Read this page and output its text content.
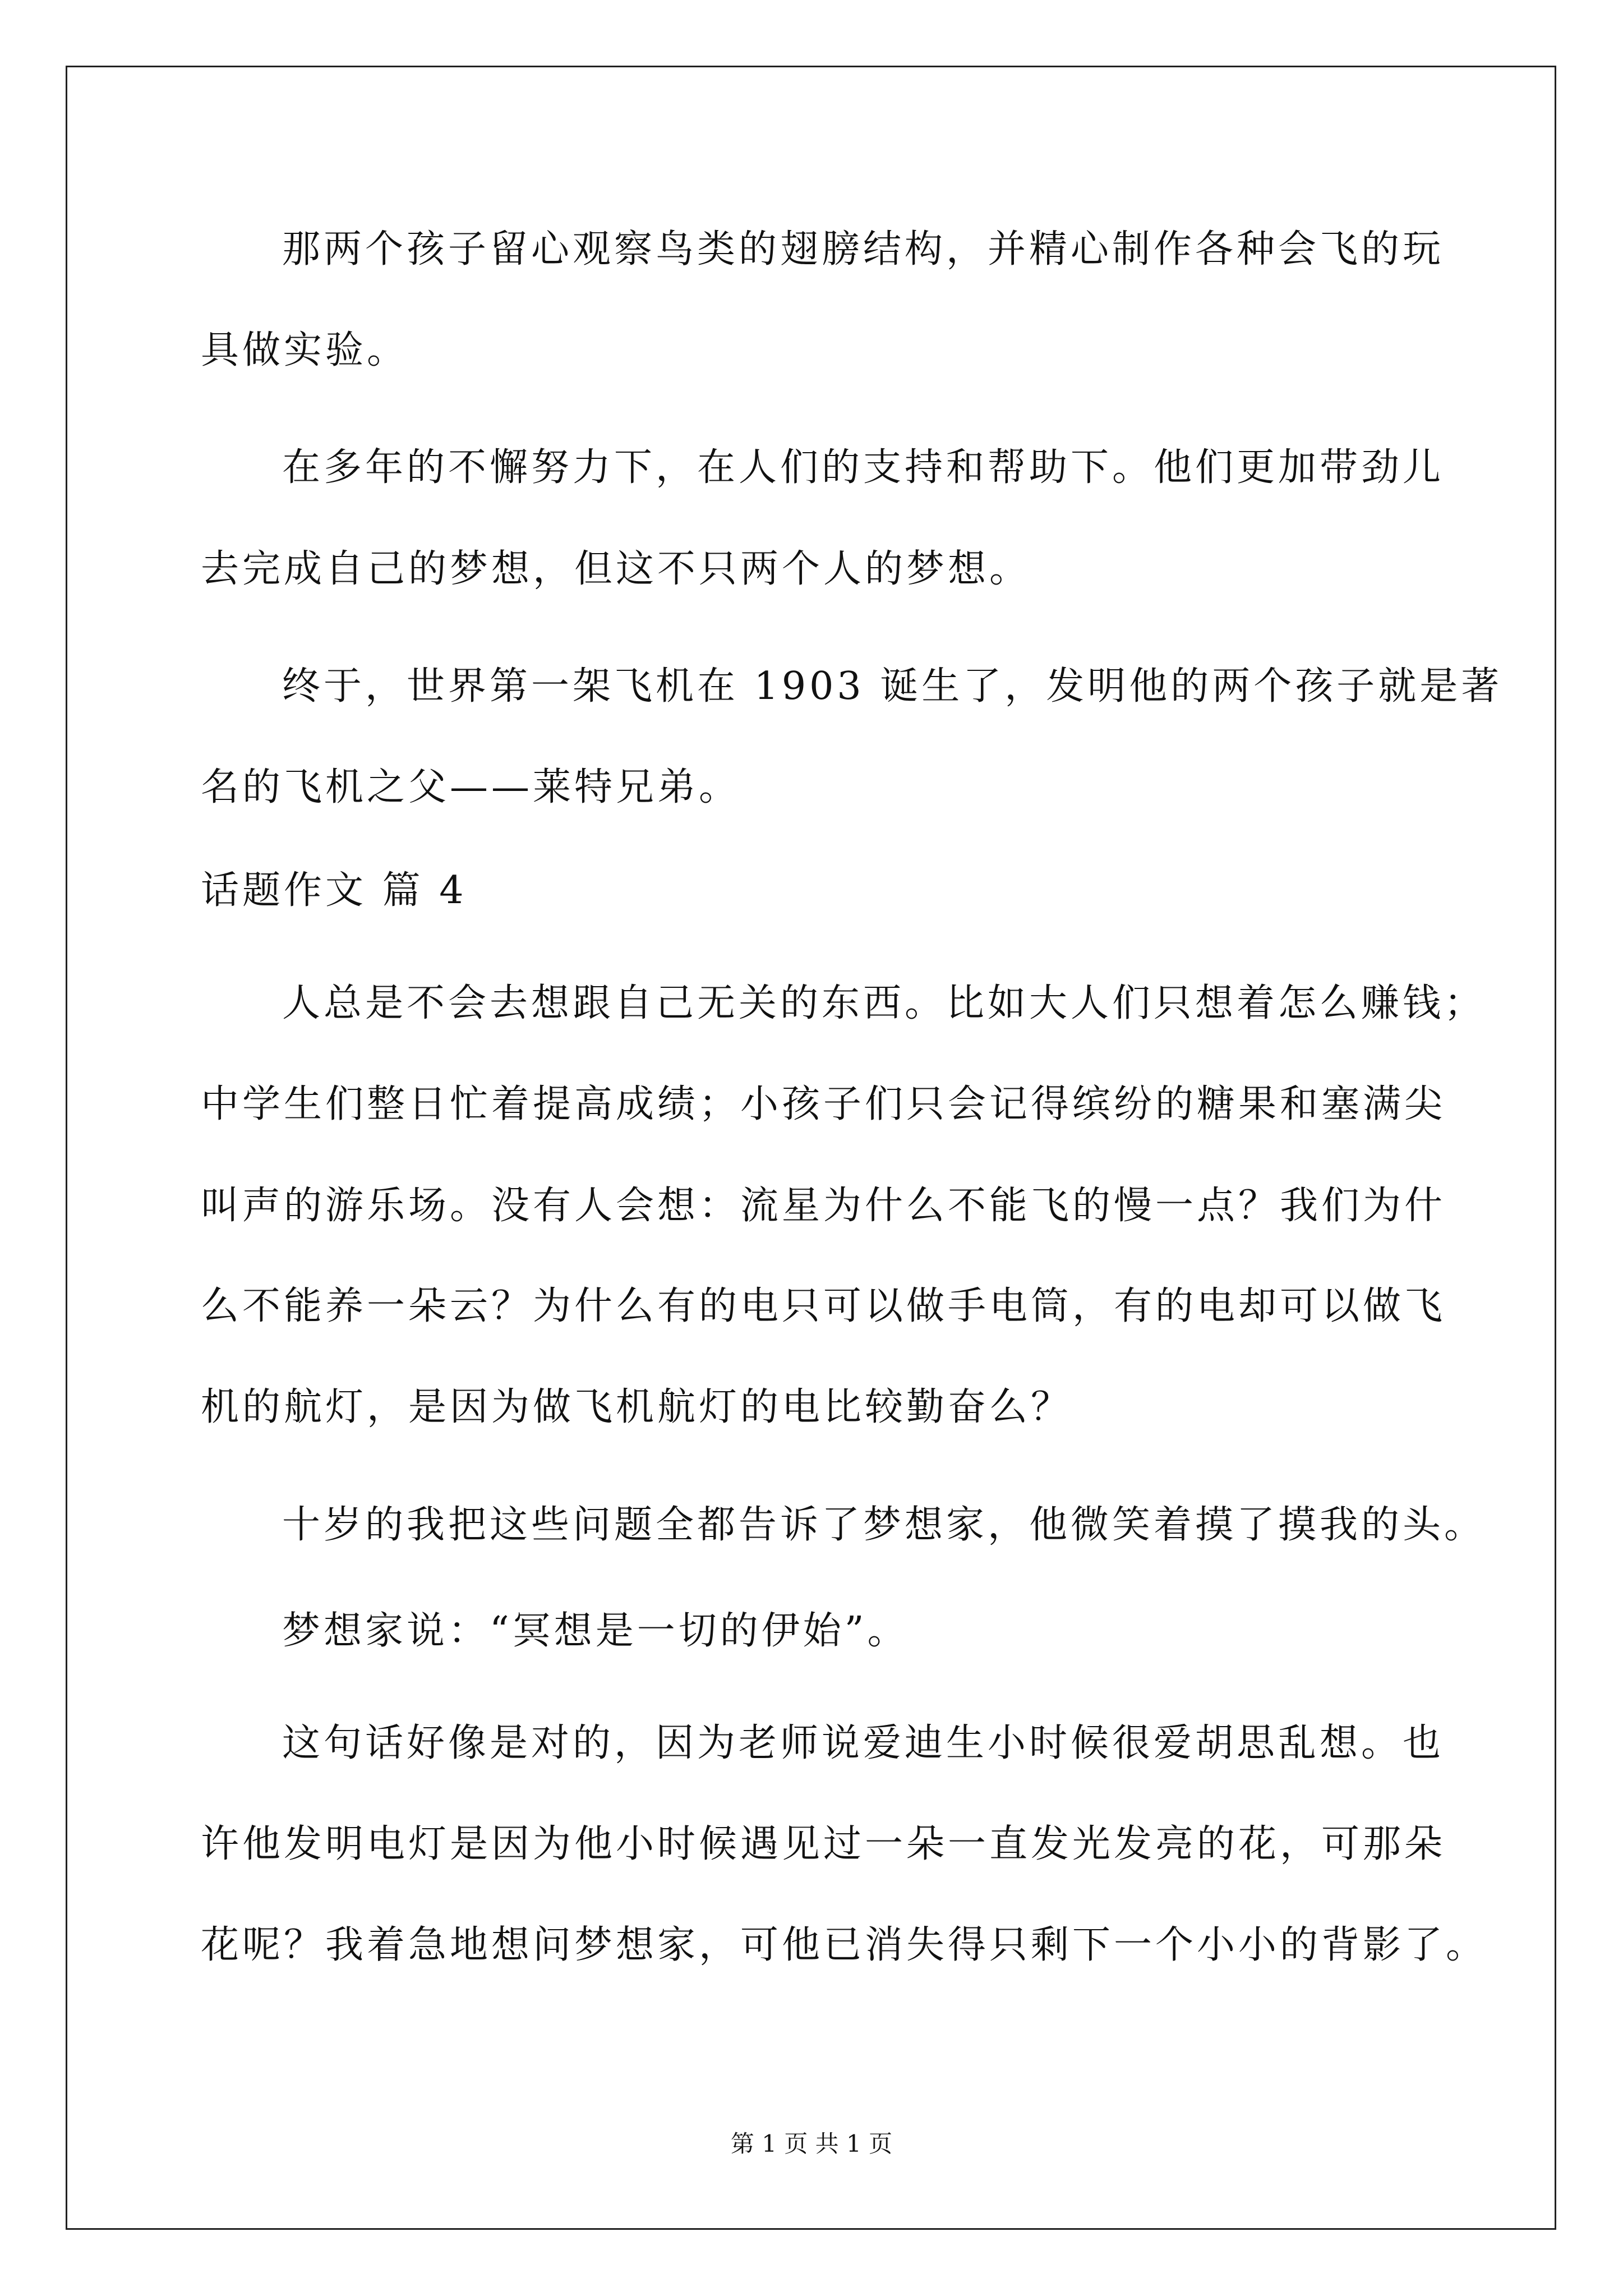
那两个孩子留心观察鸟类的翅膀结构，并精心制作各种会飞的玩
具做实验。
在多年的不懈努力下，在人们的支持和帮助下。他们更加带劲儿
去完成自己的梦想，但这不只两个人的梦想。
终于，世界第一架飞机在 1903 诞生了，发明他的两个孩子就是著
名的飞机之父——莱特兄弟。
话题作文 篇 4
人总是不会去想跟自己无关的东西。比如大人们只想着怎么赚钱；
中学生们整日忙着提高成绩；小孩子们只会记得缤纷的糖果和塞满尖
叫声的游乐场。没有人会想：流星为什么不能飞的慢一点？我们为什
么不能养一朵云？为什么有的电只可以做手电筒，有的电却可以做飞
机的航灯，是因为做飞机航灯的电比较勤奋么？
十岁的我把这些问题全都告诉了梦想家，他微笑着摸了摸我的头。
梦想家说：“冥想是一切的伊始”。
这句话好像是对的，因为老师说爱迪生小时候很爱胡思乱想。也
许他发明电灯是因为他小时候遇见过一朵一直发光发亮的花，可那朵
花呢？我着急地想问梦想家，可他已消失得只剩下一个小小的背影了。
第 1 页 共 1 页
